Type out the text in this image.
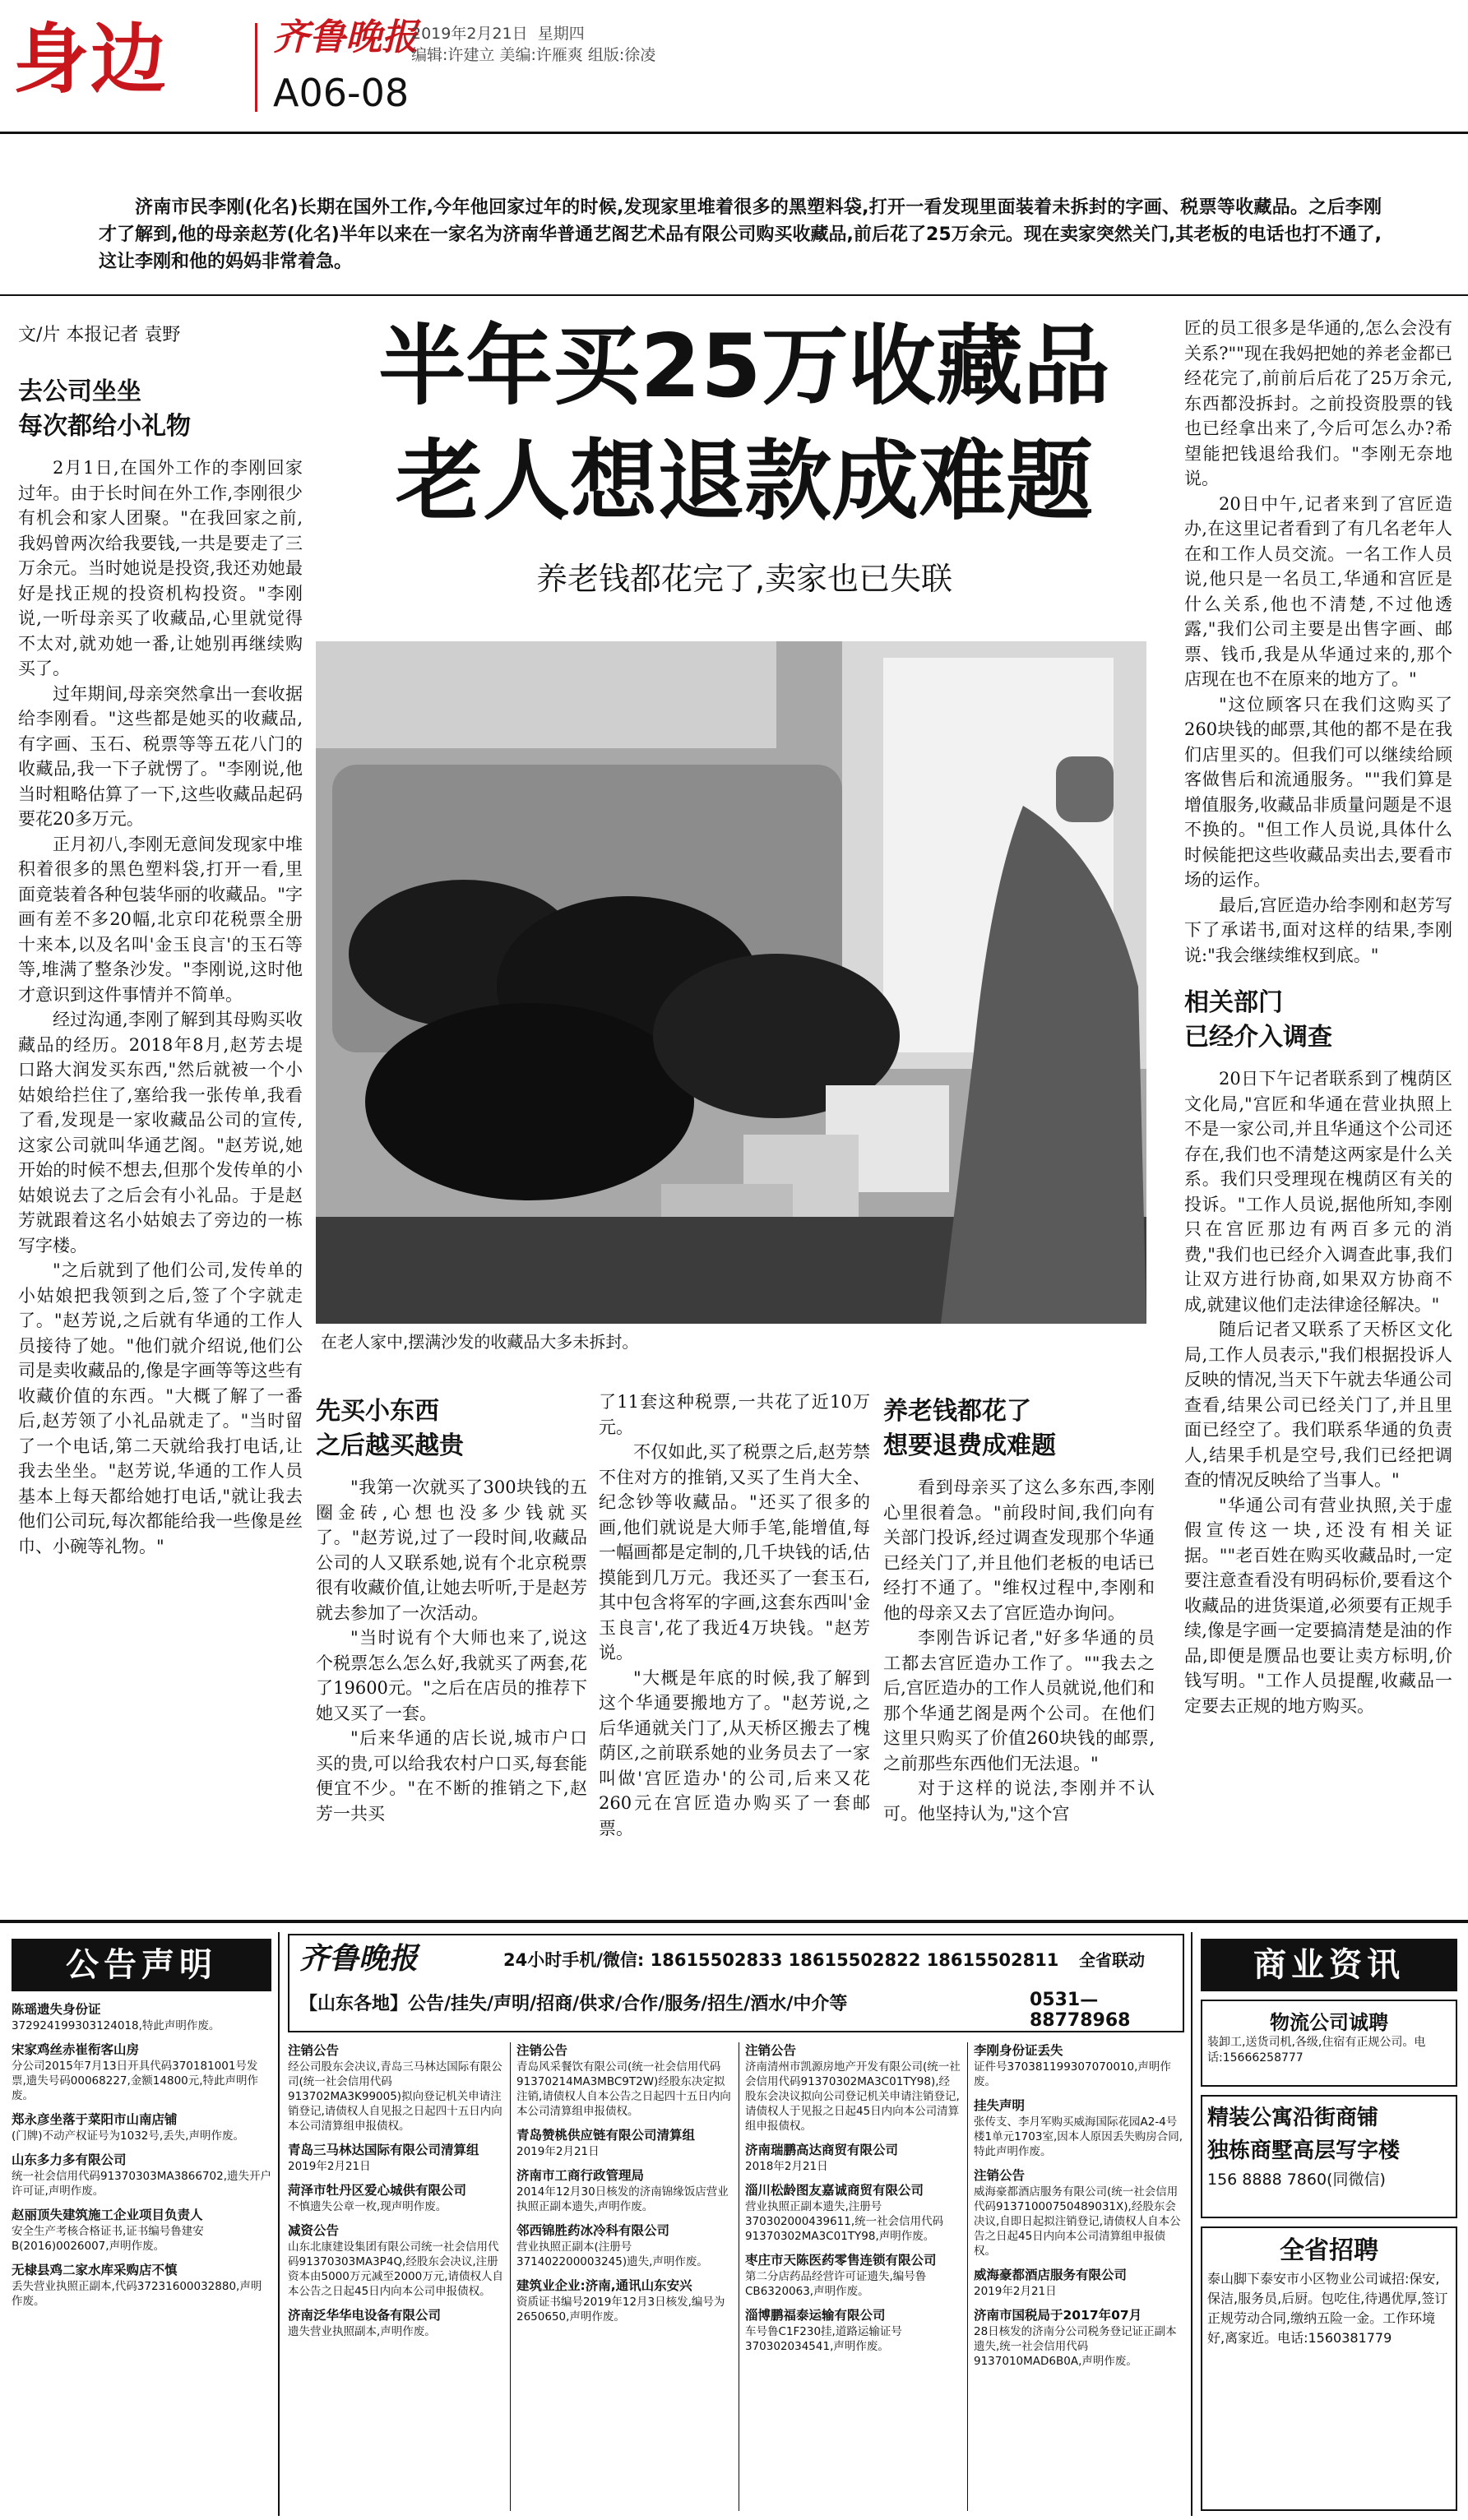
身边	齐鲁晚报
A06-08
2019年2月21日 星期四
编辑:许建立 美编:许雁爽 组版:徐凌
济南市民李刚(化名)长期在国外工作,今年他回家过年的时候,发现家里堆着很多的黑塑料袋,打开一看发现里面装着未拆封的字画、税票等收藏品。之后李刚才了解到,他的母亲赵芳(化名)半年以来在一家名为济南华普通艺阁艺术品有限公司购买收藏品,前后花了25万余元。现在卖家突然关门,其老板的电话也打不通了,这让李刚和他的妈妈非常着急。
文/片 本报记者 袁野
去公司坐坐
每次都给小礼物

2月1日,在国外工作的李刚回家过年。由于长时间在外工作,李刚很少有机会和家人团聚。"在我回家之前,我妈曾两次给我要钱,一共是要走了三万余元。当时她说是投资,我还劝她最好是找正规的投资机构投资。"李刚说,一听母亲买了收藏品,心里就觉得不太对,就劝她一番,让她别再继续购买了。

过年期间,母亲突然拿出一套收据给李刚看。"这些都是她买的收藏品,有字画、玉石、税票等等五花八门的收藏品,我一下子就愣了。"李刚说,他当时粗略估算了一下,这些收藏品起码要花20多万元。

正月初八,李刚无意间发现家中堆积着很多的黑色塑料袋,打开一看,里面竟装着各种包装华丽的收藏品。"字画有差不多20幅,北京印花税票全册十来本,以及名叫'金玉良言'的玉石等等,堆满了整条沙发。"李刚说,这时他才意识到这件事情并不简单。

经过沟通,李刚了解到其母购买收藏品的经历。2018年8月,赵芳去堤口路大润发买东西,"然后就被一个小姑娘给拦住了,塞给我一张传单,我看了看,发现是一家收藏品公司的宣传,这家公司就叫华通艺阁。"赵芳说,她开始的时候不想去,但那个发传单的小姑娘说去了之后会有小礼品。于是赵芳就跟着这名小姑娘去了旁边的一栋写字楼。

"之后就到了他们公司,发传单的小姑娘把我领到之后,签了个字就走了。"赵芳说,之后就有华通的工作人员接待了她。"他们就介绍说,他们公司是卖收藏品的,像是字画等等这些有收藏价值的东西。"大概了解了一番后,赵芳领了小礼品就走了。"当时留了一个电话,第二天就给我打电话,让我去坐坐。"赵芳说,华通的工作人员基本上每天都给她打电话,"就让我去他们公司玩,每次都能给我一些像是丝巾、小碗等礼物。"

半年买25万收藏品
老人想退款成难题
养老钱都花完了,卖家也已失联
在老人家中,摆满沙发的收藏品大多未拆封。
先买小东西
之后越买越贵

"我第一次就买了300块钱的五圈金砖,心想也没多少钱就买了。"赵芳说,过了一段时间,收藏品公司的人又联系她,说有个北京税票很有收藏价值,让她去听听,于是赵芳就去参加了一次活动。

"当时说有个大师也来了,说这个税票怎么怎么好,我就买了两套,花了19600元。"之后在店员的推荐下她又买了一套。

"后来华通的店长说,城市户口买的贵,可以给我农村户口买,每套能便宜不少。"在不断的推销之下,赵芳一共买

了11套这种税票,一共花了近10万元。

不仅如此,买了税票之后,赵芳禁不住对方的推销,又买了生肖大全、纪念钞等收藏品。"还买了很多的画,他们就说是大师手笔,能增值,每一幅画都是定制的,几千块钱的话,估摸能到几万元。我还买了一套玉石,其中包含将军的字画,这套东西叫'金玉良言',花了我近4万块钱。"赵芳说。

"大概是年底的时候,我了解到这个华通要搬地方了。"赵芳说,之后华通就关门了,从天桥区搬去了槐荫区,之前联系她的业务员去了一家叫做'宫匠造办'的公司,后来又花260元在宫匠造办购买了一套邮票。

养老钱都花了
想要退费成难题

看到母亲买了这么多东西,李刚心里很着急。"前段时间,我们向有关部门投诉,经过调查发现那个华通已经关门了,并且他们老板的电话已经打不通了。"维权过程中,李刚和他的母亲又去了宫匠造办询问。

李刚告诉记者,"好多华通的员工都去宫匠造办工作了。""我去之后,宫匠造办的工作人员就说,他们和那个华通艺阁是两个公司。在他们这里只购买了价值260块钱的邮票,之前那些东西他们无法退。"

对于这样的说法,李刚并不认可。他坚持认为,"这个宫

匠的员工很多是华通的,怎么会没有关系?""现在我妈把她的养老金都已经花完了,前前后后花了25万余元,东西都没拆封。之前投资股票的钱也已经拿出来了,今后可怎么办?希望能把钱退给我们。"李刚无奈地说。

20日中午,记者来到了宫匠造办,在这里记者看到了有几名老年人在和工作人员交流。一名工作人员说,他只是一名员工,华通和宫匠是什么关系,他也不清楚,不过他透露,"我们公司主要是出售字画、邮票、钱币,我是从华通过来的,那个店现在也不在原来的地方了。"

"这位顾客只在我们这购买了260块钱的邮票,其他的都不是在我们店里买的。但我们可以继续给顾客做售后和流通服务。""我们算是增值服务,收藏品非质量问题是不退不换的。"但工作人员说,具体什么时候能把这些收藏品卖出去,要看市场的运作。

最后,宫匠造办给李刚和赵芳写下了承诺书,面对这样的结果,李刚说:"我会继续维权到底。"

相关部门
已经介入调查

20日下午记者联系到了槐荫区文化局,"宫匠和华通在营业执照上不是一家公司,并且华通这个公司还存在,我们也不清楚这两家是什么关系。我们只受理现在槐荫区有关的投诉。"工作人员说,据他所知,李刚只在宫匠那边有两百多元的消费,"我们也已经介入调查此事,我们让双方进行协商,如果双方协商不成,就建议他们走法律途径解决。"

随后记者又联系了天桥区文化局,工作人员表示,"我们根据投诉人反映的情况,当天下午就去华通公司查看,结果公司已经关门了,并且里面已经空了。我们联系华通的负责人,结果手机是空号,我们已经把调查的情况反映给了当事人。"

"华通公司有营业执照,关于虚假宣传这一块,还没有相关证据。""老百姓在购买收藏品时,一定要注意查看没有明码标价,要看这个收藏品的进货渠道,必须要有正规手续,像是字画一定要搞清楚是油的作品,即便是赝品也要让卖方标明,价钱写明。"工作人员提醒,收藏品一定要去正规的地方购买。

公告声明
陈瑶遗失身份证
372924199303124018,特此声明作废。
宋家鸡丝赤崔衔客山房
分公司2015年7月13日开具代码370181001号发票,遗失号码00068227,金额14800元,特此声明作废。
郑永彦坐落于菜阳市山南店铺
(门牌)不动产权证号为1032号,丢失,声明作废。
山东多力多有限公司
统一社会信用代码91370303MA3866702,遗失开户许可证,声明作废。
赵丽顶失建筑施工企业项目负责人
安全生产考核合格证书,证书编号鲁建安B(2016)0026007,声明作废。
无棣县鸡二家水库采购店不慎
丢失营业执照正副本,代码37231600032880,声明作废。
齐鲁晚报	24小时手机/微信: 18615502833 18615502822 18615502811 全省联动
【山东各地】公告/挂失/声明/招商/供求/合作/服务/招生/酒水/中介等	0531—88778968
注销公告
经公司股东会决议,青岛三马林达国际有限公司(统一社会信用代码913702MA3K99005)拟向登记机关申请注销登记,请债权人自见报之日起四十五日内向本公司清算组申报债权。
青岛三马林达国际有限公司清算组
2019年2月21日
菏泽市牡丹区爱心城供有限公司
不慎遗失公章一枚,现声明作废。
减资公告
山东北康建设集团有限公司统一社会信用代码91370303MA3P4Q,经股东会决议,注册资本由5000万元减至2000万元,请债权人自本公告之日起45日内向本公司申报债权。
济南泛华华电设备有限公司
遗失营业执照副本,声明作废。
注销公告
青岛风采餐饮有限公司(统一社会信用代码91370214MA3MBC9T2W)经股东决定拟注销,请债权人自本公告之日起四十五日内向本公司清算组申报债权。
青岛赞桃供应链有限公司清算组
2019年2月21日
济南市工商行政管理局
2014年12月30日核发的济南锦缘饭店营业执照正副本遗失,声明作废。
邻西锦胜药冰冷科有限公司
营业执照正副本(注册号371402200003245)遗失,声明作废。
建筑业企业:济南,通讯山东安兴
资质证书编号2019年12月3日核发,编号为2650650,声明作废。
注销公告
济南清州市凯源房地产开发有限公司(统一社会信用代码91370302MA3C01TY98),经股东会决议拟向公司登记机关申请注销登记,请债权人于见报之日起45日内向本公司清算组申报债权。
济南瑞鹏高达商贸有限公司
2018年2月21日
淄川松龄图友嘉诚商贸有限公司
营业执照正副本遗失,注册号370302000439611,统一社会信用代码91370302MA3C01TY98,声明作废。
枣庄市天陈医药零售连锁有限公司
第二分店药品经营许可证遗失,编号鲁CB6320063,声明作废。
淄博鹏福泰运输有限公司
车号鲁C1F230挂,道路运输证号370302034541,声明作废。
李刚身份证丢失
证件号370381199307070010,声明作废。
挂失声明
张传支、李月军购买威海国际花园A2-4号楼1单元1703室,因本人原因丢失购房合同,特此声明作废。
注销公告
威海豪都酒店服务有限公司(统一社会信用代码91371000750489031X),经股东会决议,自即日起拟注销登记,请债权人自本公告之日起45日内向本公司清算组申报债权。
威海豪都酒店服务有限公司
2019年2月21日
济南市国税局于2017年07月
28日核发的济南分公司税务登记证正副本遗失,统一社会信用代码9137010MAD6B0A,声明作废。
商业资讯
物流公司诚聘
装卸工,送货司机,各级,住宿有正规公司。电话:15666258777
精装公寓沿街商铺
独栋商墅高层写字楼
156 8888 7860(同微信)
全省招聘
泰山脚下泰安市小区物业公司诚招:保安,保洁,服务员,后厨。包吃住,待遇优厚,签订正规劳动合同,缴纳五险一金。工作环境好,离家近。电话:1560381779
